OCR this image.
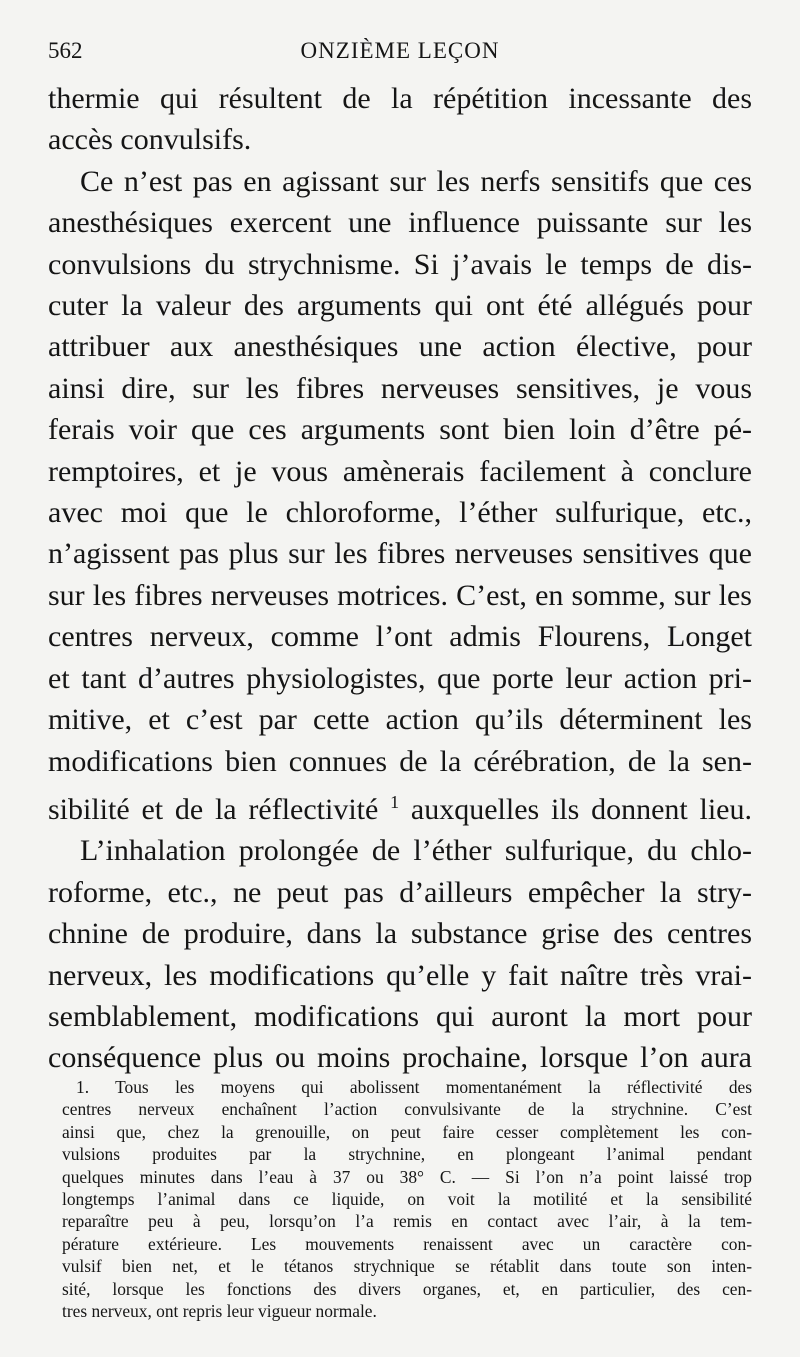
562	ONZIÈME LEÇON
thermie qui résultent de la répétition incessante des
accès convulsifs.
Ce n’est pas en agissant sur les nerfs sensitifs que ces
anesthésiques exercent une influence puissante sur les
convulsions du strychnisme. Si j’avais le temps de dis-
cuter la valeur des arguments qui ont été allégués pour
attribuer aux anesthésiques une action élective, pour
ainsi dire, sur les fibres nerveuses sensitives, je vous
ferais voir que ces arguments sont bien loin d’être pé-
remptoires, et je vous amènerais facilement à conclure
avec moi que le chloroforme, l’éther sulfurique, etc.,
n’agissent pas plus sur les fibres nerveuses sensitives que
sur les fibres nerveuses motrices. C’est, en somme, sur les
centres nerveux, comme l’ont admis Flourens, Longet
et tant d’autres physiologistes, que porte leur action pri-
mitive, et c’est par cette action qu’ils déterminent les
modifications bien connues de la cérébration, de la sen-
sibilité et de la réflectivité $^1$ auxquelles ils donnent lieu.
L’inhalation prolongée de l’éther sulfurique, du chlo-
roforme, etc., ne peut pas d’ailleurs empêcher la stry-
chnine de produire, dans la substance grise des centres
nerveux, les modifications qu’elle y fait naître très vrai-
semblablement, modifications qui auront la mort pour
conséquence plus ou moins prochaine, lorsque l’on aura
1. Tous les moyens qui abolissent momentanément la réflectivité des
centres nerveux enchaînent l’action convulsivante de la strychnine. C’est
ainsi que, chez la grenouille, on peut faire cesser complètement les con-
vulsions produites par la strychnine, en plongeant l’animal pendant
quelques minutes dans l’eau à 37 ou 38° C. — Si l’on n’a point laissé trop
longtemps l’animal dans ce liquide, on voit la motilité et la sensibilité
reparaître peu à peu, lorsqu’on l’a remis en contact avec l’air, à la tem-
pérature extérieure. Les mouvements renaissent avec un caractère con-
vulsif bien net, et le tétanos strychnique se rétablit dans toute son inten-
sité, lorsque les fonctions des divers organes, et, en particulier, des cen-
tres nerveux, ont repris leur vigueur normale.
